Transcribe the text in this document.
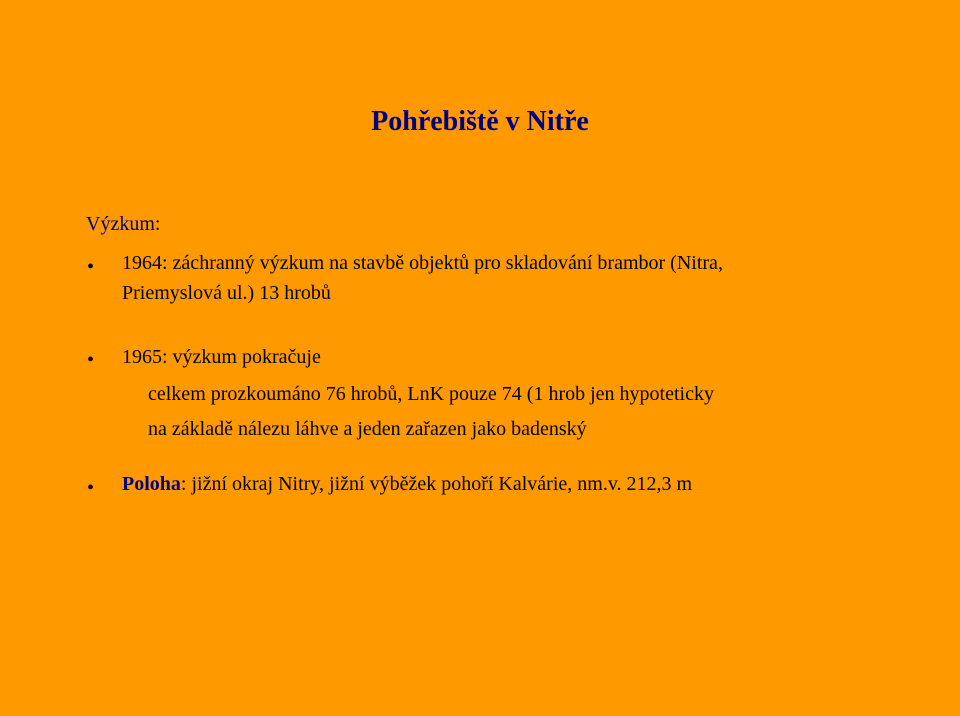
Pohřebiště v Nitře

Výzkum:

• 1964: záchranný výzkum na stavbě objektů pro skladování brambor (Nitra,

Priemyslová ul.) 13 hrobů

• 1965: výzkum pokračuje

celkem prozkoumáno 76 hrobů, LnK pouze 74 (1 hrob jen hypoteticky

na základě nálezu láhve a jeden zařazen jako badenský

• Poloha: jižní okraj Nitry, jižní výběžek pohoří Kalvárie, nm.v. 212,3 m
